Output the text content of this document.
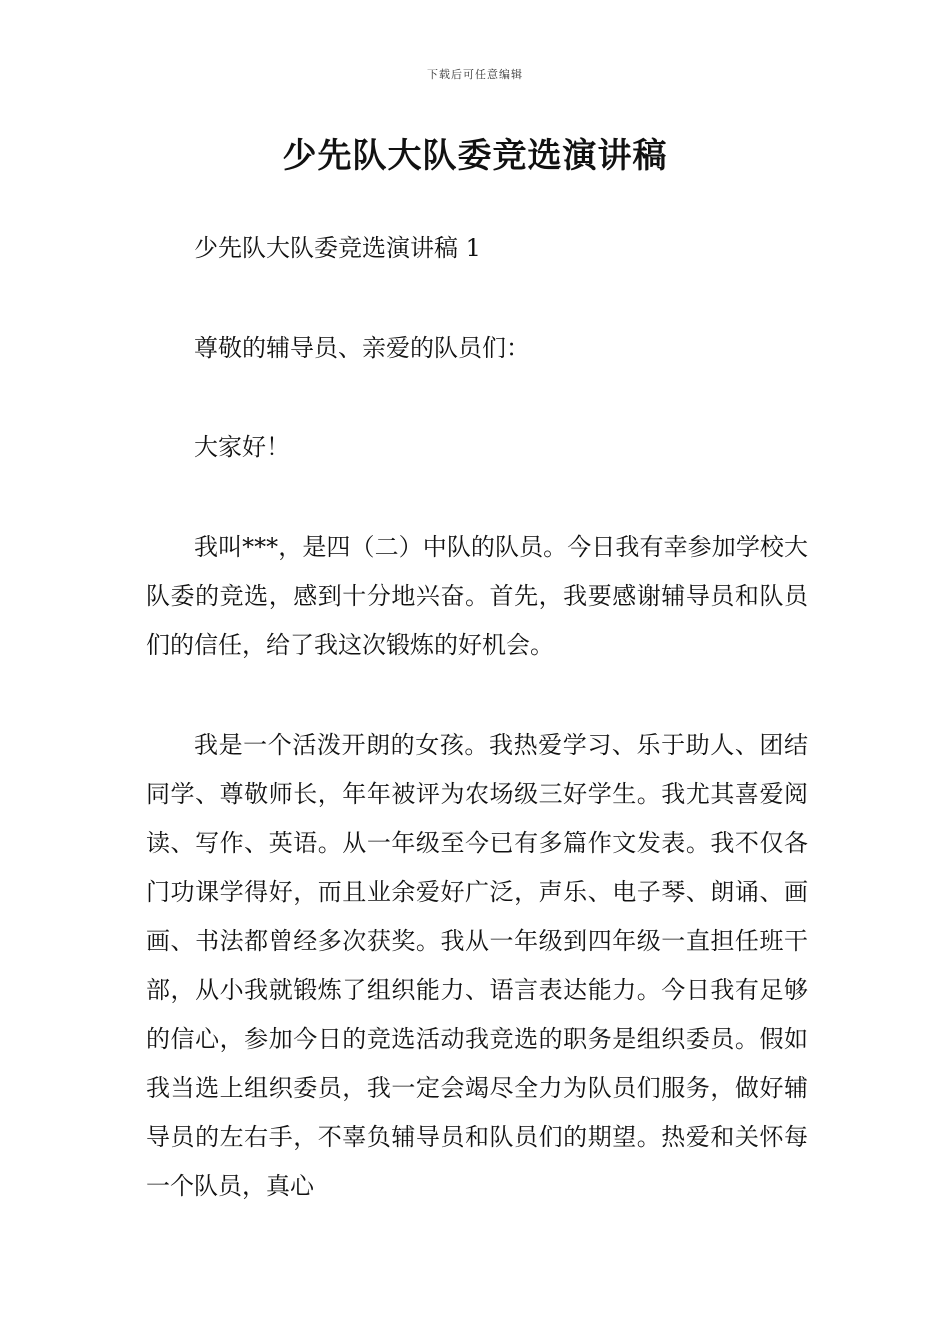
下载后可任意编辑
少先队大队委竞选演讲稿

少先队大队委竞选演讲稿 1

尊敬的辅导员、亲爱的队员们：

大家好！

我叫***，是四（二）中队的队员。今日我有幸参加学校大队委的竞选，感到十分地兴奋。首先，我要感谢辅导员和队员们的信任，给了我这次锻炼的好机会。

我是一个活泼开朗的女孩。我热爱学习、乐于助人、团结同学、尊敬师长，年年被评为农场级三好学生。我尤其喜爱阅读、写作、英语。从一年级至今已有多篇作文发表。我不仅各门功课学得好，而且业余爱好广泛，声乐、电子琴、朗诵、画画、书法都曾经多次获奖。我从一年级到四年级一直担任班干部，从小我就锻炼了组织能力、语言表达能力。今日我有足够的信心，参加今日的竞选活动我竞选的职务是组织委员。假如我当选上组织委员，我一定会竭尽全力为队员们服务，做好辅导员的左右手，不辜负辅导员和队员们的期望。热爱和关怀每一个队员，真心
